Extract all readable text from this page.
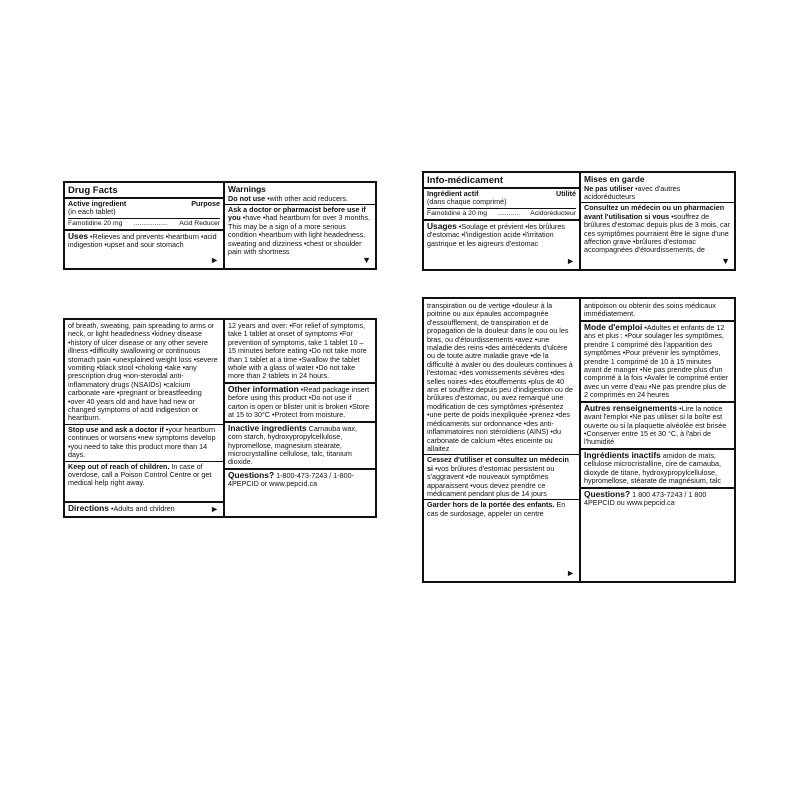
Drug Facts

Active ingredient	Purpose

(in each tablet)

Famotidine 20 mg .................. Acid Reducer

Uses •Relieves and prevents •heartburn •acid indigestion •upset and sour stomach

►

Warnings

Do not use •with other acid reducers.

Ask a doctor or pharmacist before use if you •have •had heartburn for over 3 months. This may be a sign of a more serious condition •heartburn with light headedness, sweating and dizziness •chest or shoulder pain with shortness

▼

of breath, sweating, pain spreading to arms or neck, or light headedness •kidney disease •history of ulcer disease or any other severe illness •difficulty swallowing or continuous stomach pain •unexplained weight loss •severe vomiting •black stool •choking •take •any prescription drug •non-steroidal anti-inflammatory drugs (NSAIDs) •calcium carbonate •are •pregnant or breastfeeding •over 40 years old and have had new or changed symptoms of acid indigestion or heartburn.

Stop use and ask a doctor if •your heartburn continues or worsens •new symptoms develop •you need to take this product more than 14 days.

Keep out of reach of children. In case of overdose, call a Poison Control Centre or get medical help right away.

Directions •Adults and children	►

12 years and over: •For relief of symptoms, take 1 tablet at onset of symptoms •For prevention of symptoms, take 1 tablet 10 – 15 minutes before eating •Do not take more than 1 tablet at a time •Swallow the tablet whole with a glass of water •Do not take more than 2 tablets in 24 hours.

Other information •Read package insert before using this product •Do not use if carton is open or blister unit is broken •Store at 15 to 30°C •Protect from moisture.

Inactive ingredients Carnauba wax, corn starch, hydroxypropylcellulose, hypromellose, magnesium stearate, microcrystalline cellulose, talc, titanium dioxide.

Questions? 1-800-473-7243 / 1-800-4PEPCID or www.pepcid.ca

Info-médicament

Ingrédient actif	Utilité

(dans chaque comprimé)

Famotidine à 20 mg ............ Acidoréducteur

Usages •Soulage et prévient •les brûlures d'estomac •l'indigestion acide •l'irritation gastrique et les aigreurs d'estomac

►

Mises en garde

Ne pas utiliser •avec d'autres acidoréducteurs

Consultez un médecin ou un pharmacien avant l'utilisation si vous •souffrez de brûlures d'estomac depuis plus de 3 mois, car ces symptômes pourraient être le signe d'une affection grave •brûlures d'estomac accompagnées d'étourdissements, de

▼

transpiration ou de vertige •douleur à la poitrine ou aux épaules accompagnée d'essoufflement, de transpiration et de propagation de la douleur dans le cou ou les bras, ou d'étourdissements •avez •une maladie des reins •des antécédents d'ulcère ou de toute autre maladie grave •de la difficulté à avaler ou des douleurs continues à l'estomac •des vomissements sévères •des selles noires •des étouffements •plus de 40 ans et souffrez depuis peu d'indigestion ou de brûlures d'estomac, ou avez remarqué une modification de ces symptômes •présentez •une perte de poids inexpliquée •prenez •des médicaments sur ordonnance •des anti-inflammatoires non stéroïdiens (AINS) •du carbonate de calcium •êtes enceinte ou allaitez

Cessez d'utiliser et consultez un médecin si •vos brûlures d'estomac persistent ou s'aggravent •de nouveaux symptômes apparaissent •vous devez prendre ce médicament pendant plus de 14 jours

Garder hors de la portée des enfants. En cas de surdosage, appeler un centre

►

antipoison ou obtenir des soins médicaux immédiatement.

Mode d'emploi •Adultes et enfants de 12 ans et plus : •Pour soulager les symptômes, prendre 1 comprimé dès l'apparition des symptômes •Pour prévenir les symptômes, prendre 1 comprimé de 10 à 15 minutes avant de manger •Ne pas prendre plus d'un comprimé à la fois •Avaler le comprimé entier avec un verre d'eau •Ne pas prendre plus de 2 comprimés en 24 heures

Autres renseignements •Lire la notice avant l'emploi •Ne pas utiliser si la boîte est ouverte ou si la plaquette alvéolée est brisée •Conserver entre 15 et 30 °C, à l'abri de l'humidité

Ingrédients inactifs amidon de maïs, cellulose microcristalline, cire de carnauba, dioxyde de titane, hydroxypropylcellulose, hypromellose, stéarate de magnésium, talc

Questions? 1 800 473-7243 / 1 800 4PEPCID ou www.pepcid.ca
